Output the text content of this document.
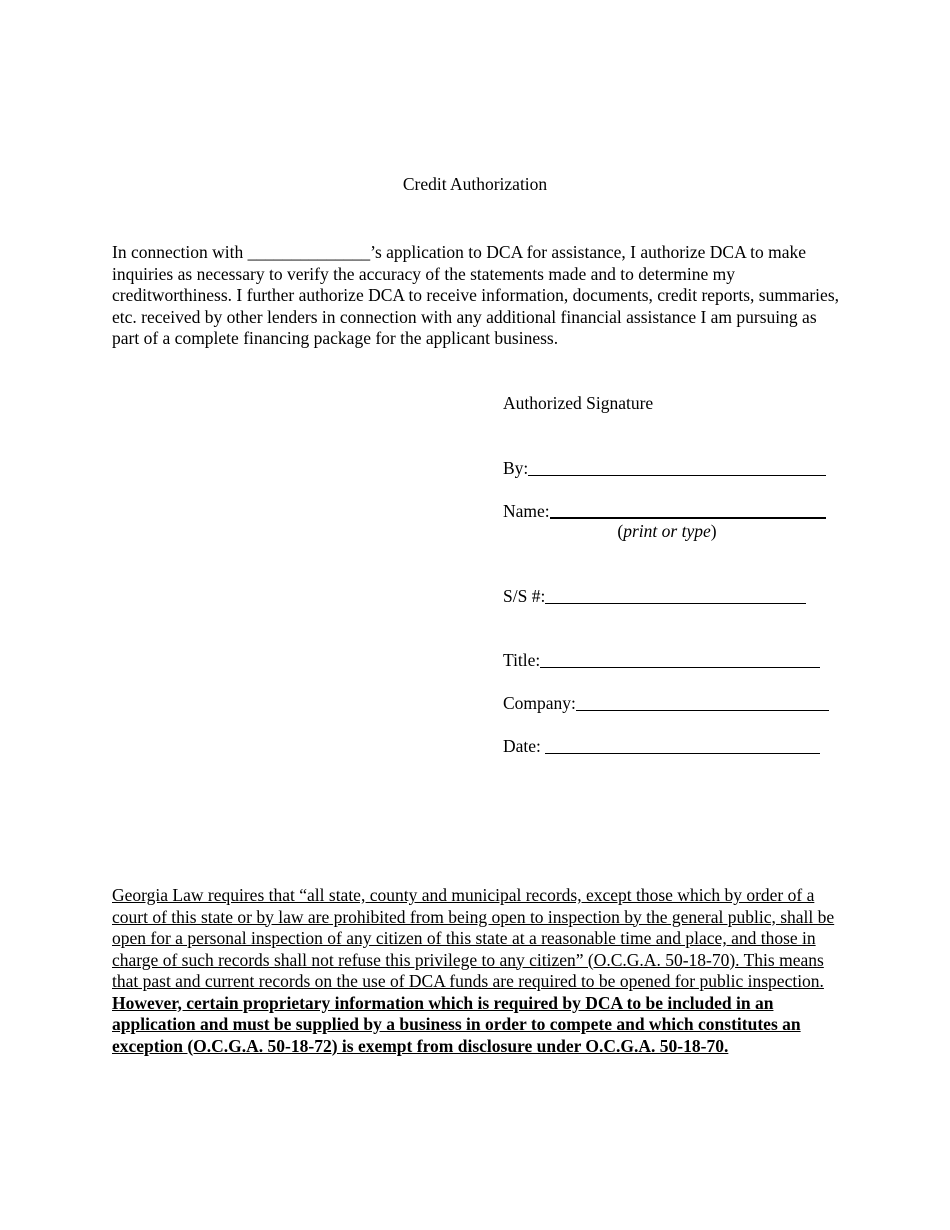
Credit Authorization

In connection with ______________’s application to DCA for assistance, I authorize DCA to make inquiries as necessary to verify the accuracy of the statements made and to determine my creditworthiness. I further authorize DCA to receive information, documents, credit reports, summaries, etc. received by other lenders in connection with any additional financial assistance I am pursuing as part of a complete financing package for the applicant business.

Authorized Signature
By:
Name:
(print or type)
S/S #:
Title:
Company:
Date:

Georgia Law requires that “all state, county and municipal records, except those which by order of a court of this state or by law are prohibited from being open to inspection by the general public, shall be open for a personal inspection of any citizen of this state at a reasonable time and place, and those in charge of such records shall not refuse this privilege to any citizen” (O.C.G.A. 50-18-70). This means that past and current records on the use of DCA funds are required to be opened for public inspection. However, certain proprietary information which is required by DCA to be included in an application and must be supplied by a business in order to compete and which constitutes an exception (O.C.G.A. 50-18-72) is exempt from disclosure under O.C.G.A. 50-18-70.
